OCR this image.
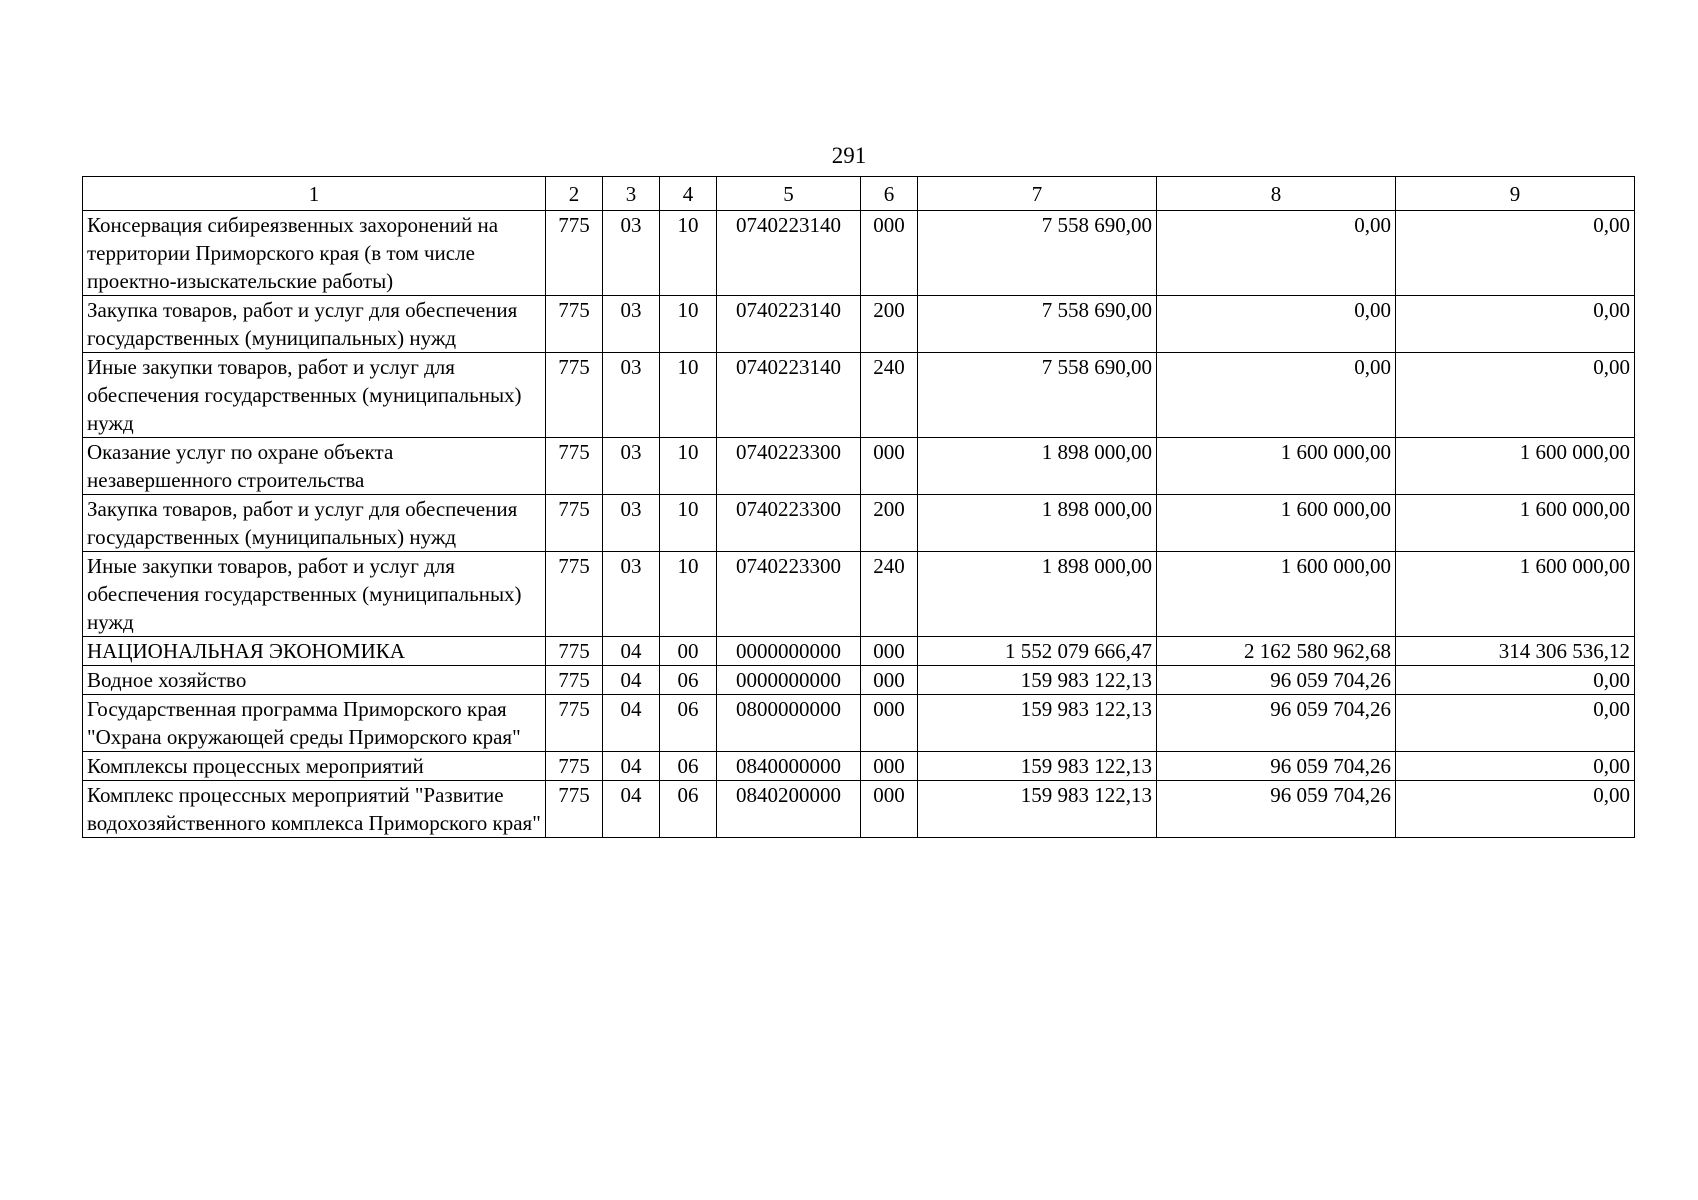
291
1	2	3	4	5	6	7	8	9
Консервация сибиреязвенных захоронений на территории Приморского края (в том числе проектно-изыскательские работы)	775	03	10	0740223140	000	7 558 690,00	0,00	0,00
Закупка товаров, работ и услуг для обеспечения государственных (муниципальных) нужд	775	03	10	0740223140	200	7 558 690,00	0,00	0,00
Иные закупки товаров, работ и услуг для обеспечения государственных (муниципальных) нужд	775	03	10	0740223140	240	7 558 690,00	0,00	0,00
Оказание услуг по охране объекта незавершенного строительства	775	03	10	0740223300	000	1 898 000,00	1 600 000,00	1 600 000,00
Закупка товаров, работ и услуг для обеспечения государственных (муниципальных) нужд	775	03	10	0740223300	200	1 898 000,00	1 600 000,00	1 600 000,00
Иные закупки товаров, работ и услуг для обеспечения государственных (муниципальных) нужд	775	03	10	0740223300	240	1 898 000,00	1 600 000,00	1 600 000,00
НАЦИОНАЛЬНАЯ ЭКОНОМИКА	775	04	00	0000000000	000	1 552 079 666,47	2 162 580 962,68	314 306 536,12
Водное хозяйство	775	04	06	0000000000	000	159 983 122,13	96 059 704,26	0,00
Государственная программа Приморского края "Охрана окружающей среды Приморского края"	775	04	06	0800000000	000	159 983 122,13	96 059 704,26	0,00
Комплексы процессных мероприятий	775	04	06	0840000000	000	159 983 122,13	96 059 704,26	0,00
Комплекс процессных мероприятий "Развитие водохозяйственного комплекса Приморского края"	775	04	06	0840200000	000	159 983 122,13	96 059 704,26	0,00
